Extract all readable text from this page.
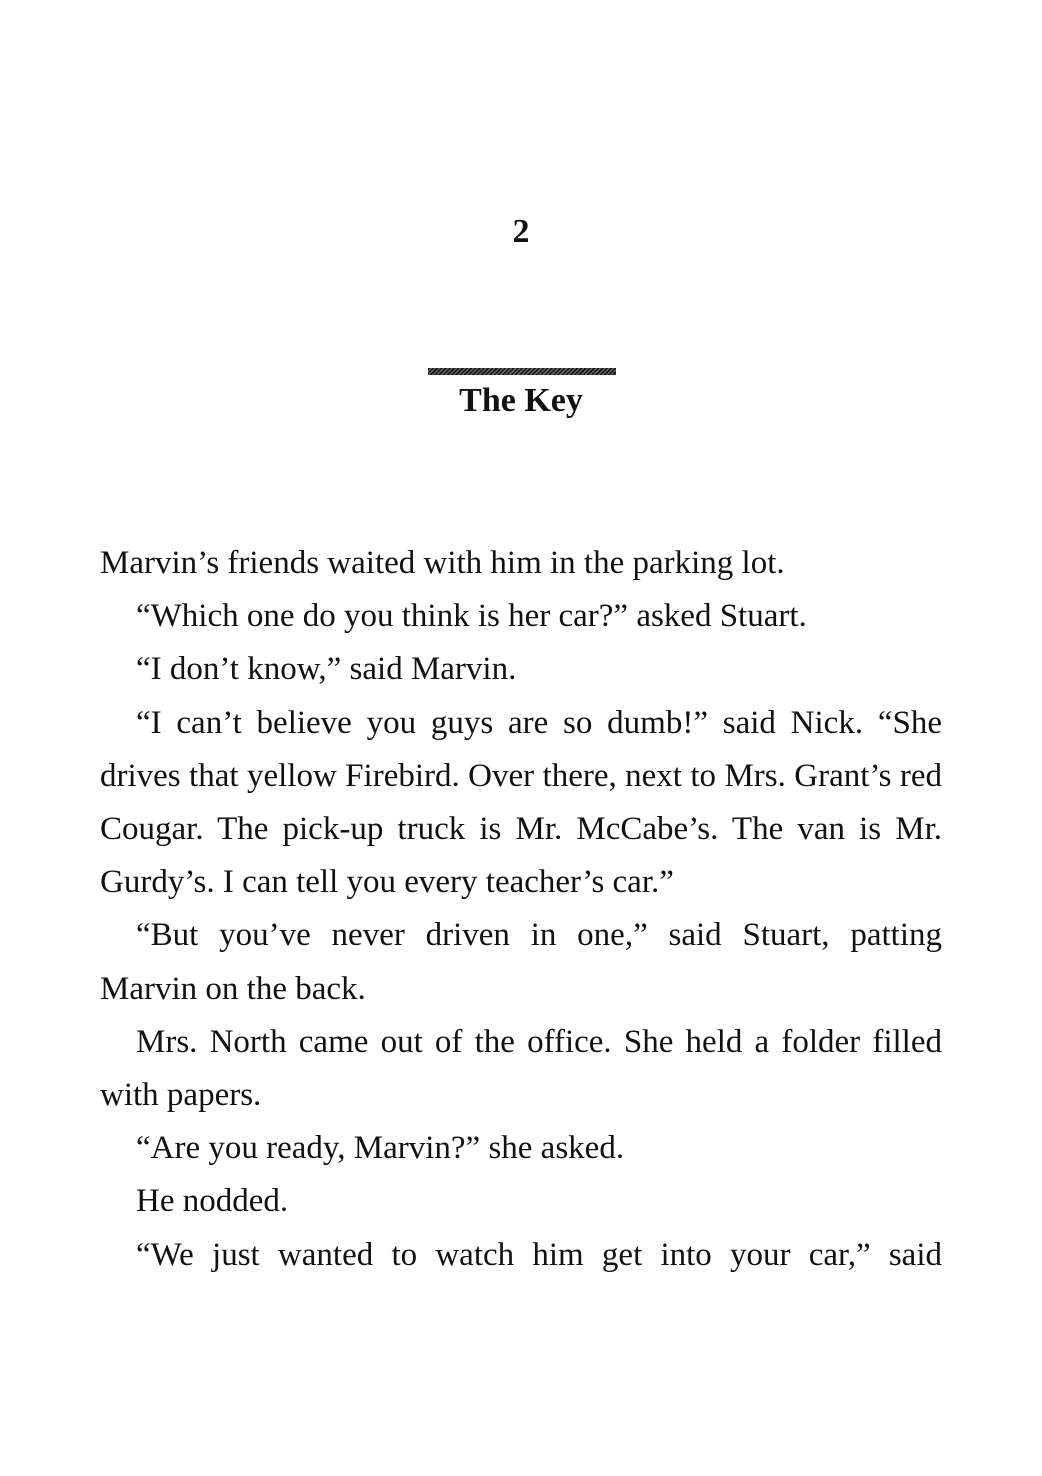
2
The Key

Marvin’s friends waited with him in the parking lot.

“Which one do you think is her car?” asked Stuart.

“I don’t know,” said Marvin.

“I can’t believe you guys are so dumb!” said Nick. “She drives that yellow Firebird. Over there, next to Mrs. Grant’s red Cougar. The pick-up truck is Mr. McCabe’s. The van is Mr. Gurdy’s. I can tell you every teacher’s car.”

“But you’ve never driven in one,” said Stuart, patting Marvin on the back.

Mrs. North came out of the office. She held a folder filled with papers.

“Are you ready, Marvin?” she asked.

He nodded.

“We just wanted to watch him get into your car,” said
